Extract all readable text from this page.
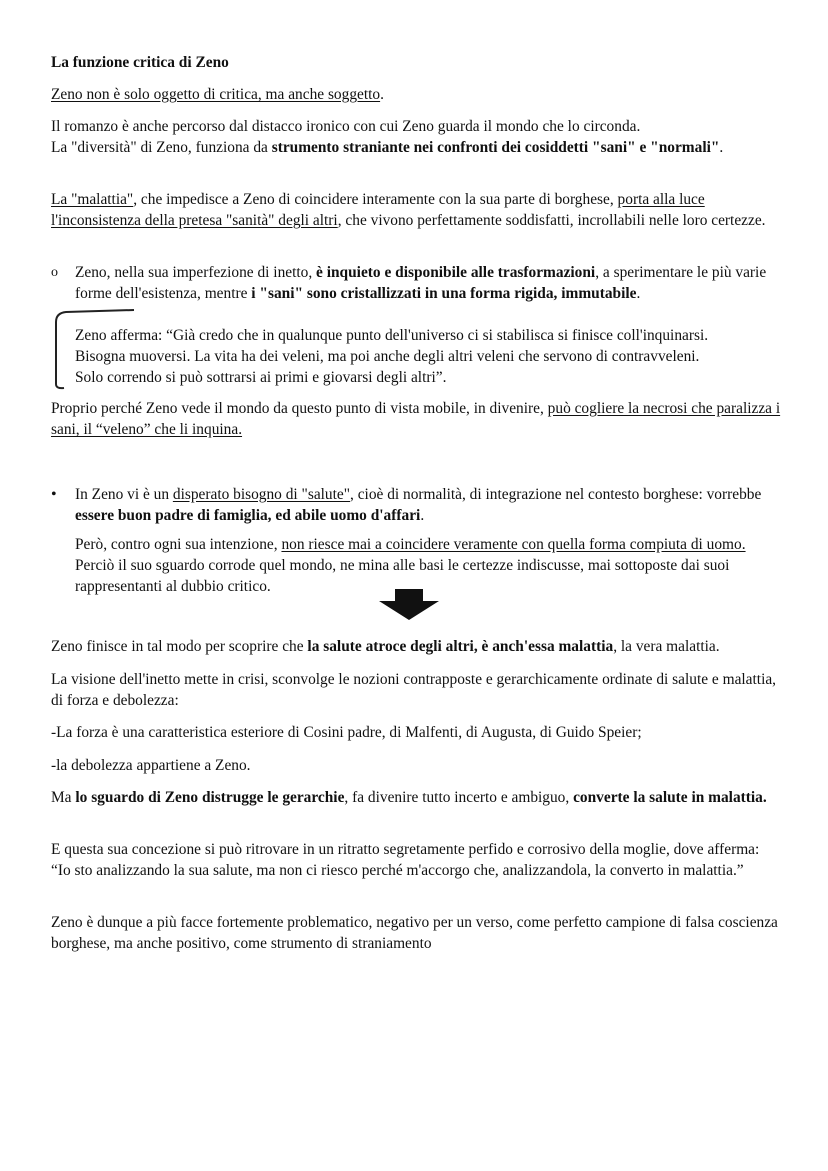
La funzione critica di Zeno

Zeno non è solo oggetto di critica, ma anche soggetto.

Il romanzo è anche percorso dal distacco ironico con cui Zeno guarda il mondo che lo circonda.
La "diversità" di Zeno, funziona da strumento straniante nei confronti dei cosiddetti "sani" e "normali".

La "malattia", che impedisce a Zeno di coincidere interamente con la sua parte di borghese, porta alla luce l'inconsistenza della pretesa "sanità" degli altri, che vivono perfettamente soddisfatti, incrollabili nelle loro certezze.

o Zeno, nella sua imperfezione di inetto, è inquieto e disponibile alle trasformazioni, a sperimentare le più varie forme dell'esistenza, mentre i "sani" sono cristallizzati in una forma rigida, immutabile.

Zeno afferma: “Già credo che in qualunque punto dell'universo ci si stabilisca si finisce coll'inquinarsi.
Bisogna muoversi. La vita ha dei veleni, ma poi anche degli altri veleni che servono di contravveleni.
Solo correndo si può sottrarsi ai primi e giovarsi degli altri”.

Proprio perché Zeno vede il mondo da questo punto di vista mobile, in divenire, può cogliere la necrosi che paralizza i sani, il “veleno” che li inquina.

• In Zeno vi è un disperato bisogno di "salute", cioè di normalità, di integrazione nel contesto borghese: vorrebbe essere buon padre di famiglia, ed abile uomo d'affari.

Però, contro ogni sua intenzione, non riesce mai a coincidere veramente con quella forma compiuta di uomo. Perciò il suo sguardo corrode quel mondo, ne mina alle basi le certezze indiscusse, mai sottoposte dai suoi rappresentanti al dubbio critico.

Zeno finisce in tal modo per scoprire che la salute atroce degli altri, è anch'essa malattia, la vera malattia.

La visione dell'inetto mette in crisi, sconvolge le nozioni contrapposte e gerarchicamente ordinate di salute e malattia, di forza e debolezza:

-La forza è una caratteristica esteriore di Cosini padre, di Malfenti, di Augusta, di Guido Speier;

-la debolezza appartiene a Zeno.

Ma lo sguardo di Zeno distrugge le gerarchie, fa divenire tutto incerto e ambiguo, converte la salute in malattia.

E questa sua concezione si può ritrovare in un ritratto segretamente perfido e corrosivo della moglie, dove afferma: “Io sto analizzando la sua salute, ma non ci riesco perché m'accorgo che, analizzandola, la converto in malattia.”

Zeno è dunque a più facce fortemente problematico, negativo per un verso, come perfetto campione di falsa coscienza borghese, ma anche positivo, come strumento di straniamento
